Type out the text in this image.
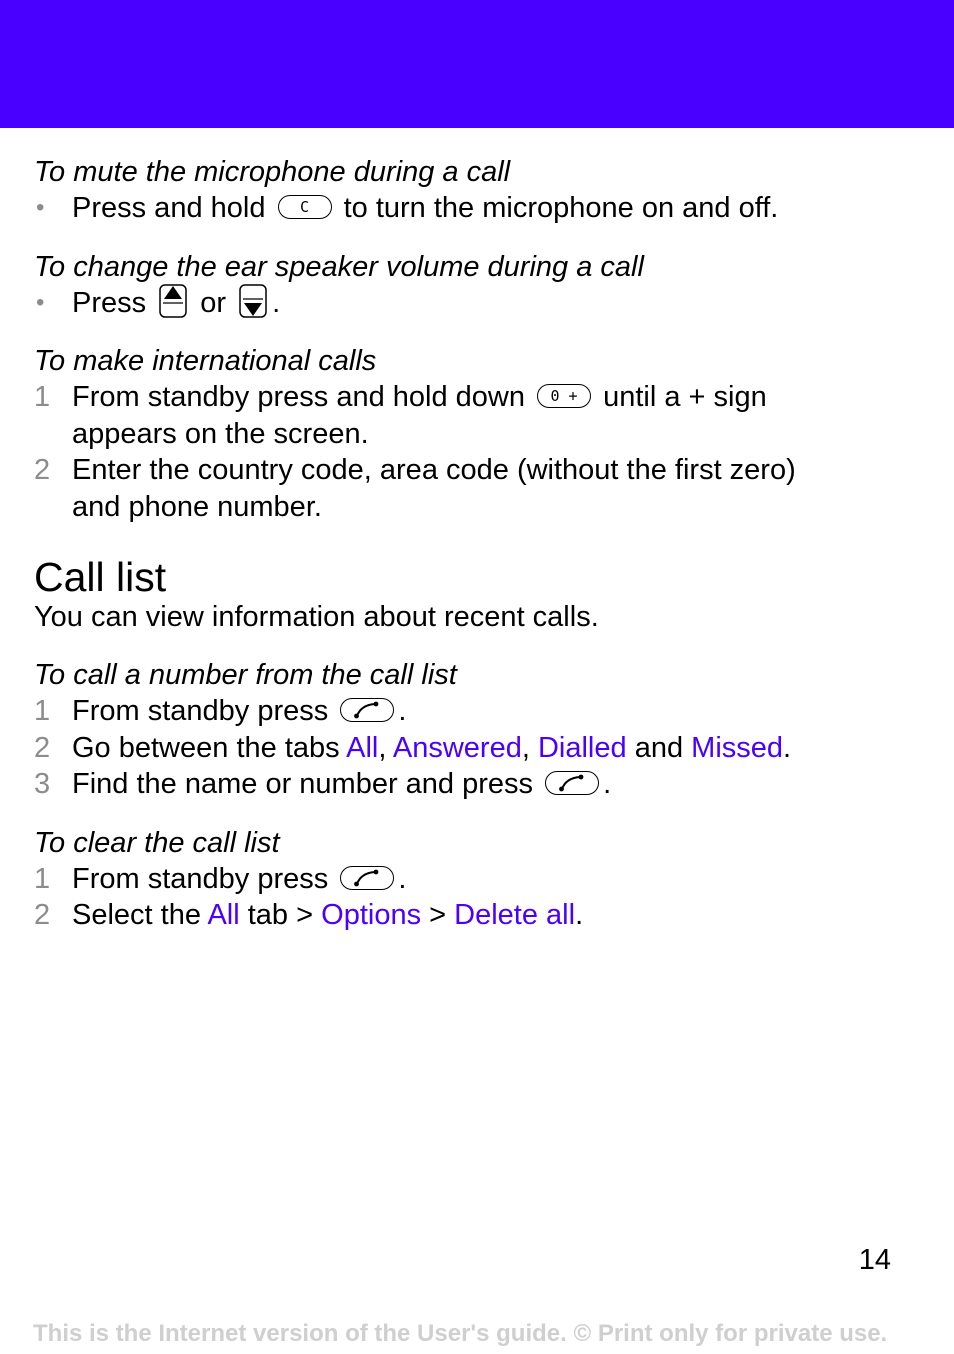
To mute the microphone during a call
• Press and hold	C	to turn the microphone on and off.
To change the ear speaker volume during a call
• Press or .
To make international calls
1 From standby press and hold down	0 + until a + sign
appears on the screen.
2 Enter the country code, area code (without the first zero)
and phone number.
Call list
You can view information about recent calls.
To call a number from the call list
1 From standby press .
2 Go between the tabs All, Answered, Dialled and Missed.
3 Find the name or number and press .
To clear the call list
1 From standby press .
2 Select the All tab > Options > Delete all.
14
This is the Internet version of the User's guide. © Print only for private use.
